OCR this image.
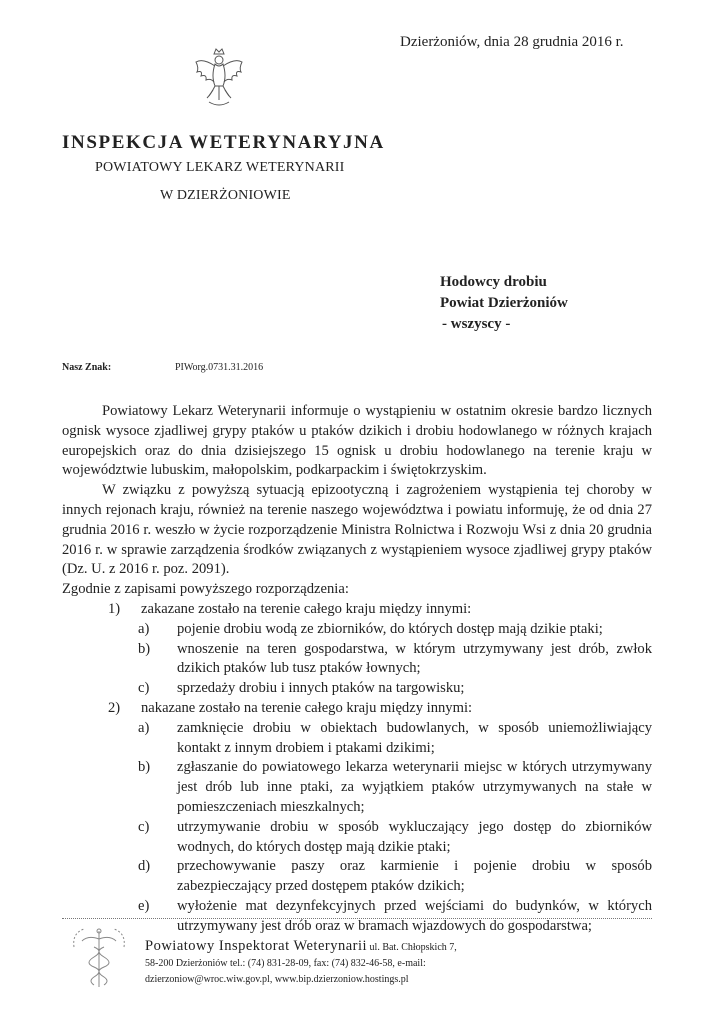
Dzierżoniów, dnia 28 grudnia 2016 r.
INSPEKCJA WETERYNARYJNA
POWIATOWY LEKARZ WETERYNARII
W DZIERŻONIOWIE
Hodowcy drobiu
Powiat Dzierżoniów
- wszyscy -
Nasz Znak:	PIWorg.0731.31.2016

Powiatowy Lekarz Weterynarii informuje o wystąpieniu w ostatnim okresie bardzo licznych ognisk wysoce zjadliwej grypy ptaków u ptaków dzikich i drobiu hodowlanego w różnych krajach europejskich oraz do dnia dzisiejszego 15 ognisk u drobiu hodowlanego na terenie kraju w województwie lubuskim, małopolskim, podkarpackim i świętokrzyskim.

W związku z powyższą sytuacją epizootyczną i zagrożeniem wystąpienia tej choroby w innych rejonach kraju, również na terenie naszego województwa i powiatu informuję, że od dnia 27 grudnia 2016 r. weszło w życie rozporządzenie Ministra Rolnictwa i Rozwoju Wsi z dnia 20 grudnia 2016 r. w sprawie zarządzenia środków związanych z wystąpieniem wysoce zjadliwej grypy ptaków (Dz. U. z 2016 r. poz. 2091).

Zgodnie z zapisami powyższego rozporządzenia:

1) zakazane zostało na terenie całego kraju między innymi:
a) pojenie drobiu wodą ze zbiorników, do których dostęp mają dzikie ptaki;
b) wnoszenie na teren gospodarstwa, w którym utrzymywany jest drób, zwłok dzikich ptaków lub tusz ptaków łownych;
c) sprzedaży drobiu i innych ptaków na targowisku;
2) nakazane zostało na terenie całego kraju między innymi:
a) zamknięcie drobiu w obiektach budowlanych, w sposób uniemożliwiający kontakt z innym drobiem i ptakami dzikimi;
b) zgłaszanie do powiatowego lekarza weterynarii miejsc w których utrzymywany jest drób lub inne ptaki, za wyjątkiem ptaków utrzymywanych na stałe w pomieszczeniach mieszkalnych;
c) utrzymywanie drobiu w sposób wykluczający jego dostęp do zbiorników wodnych, do których dostęp mają dzikie ptaki;
d) przechowywanie paszy oraz karmienie i pojenie drobiu w sposób zabezpieczający przed dostępem ptaków dzikich;
e) wyłożenie mat dezynfekcyjnych przed wejściami do budynków, w których utrzymywany jest drób oraz w bramach wjazdowych do gospodarstwa;
Powiatowy Inspektorat Weterynarii ul. Bat. Chłopskich 7,
58-200 Dzierżoniów tel.: (74) 831-28-09, fax: (74) 832-46-58, e-mail:
dzierzoniow@wroc.wiw.gov.pl, www.bip.dzierzoniow.hostings.pl
